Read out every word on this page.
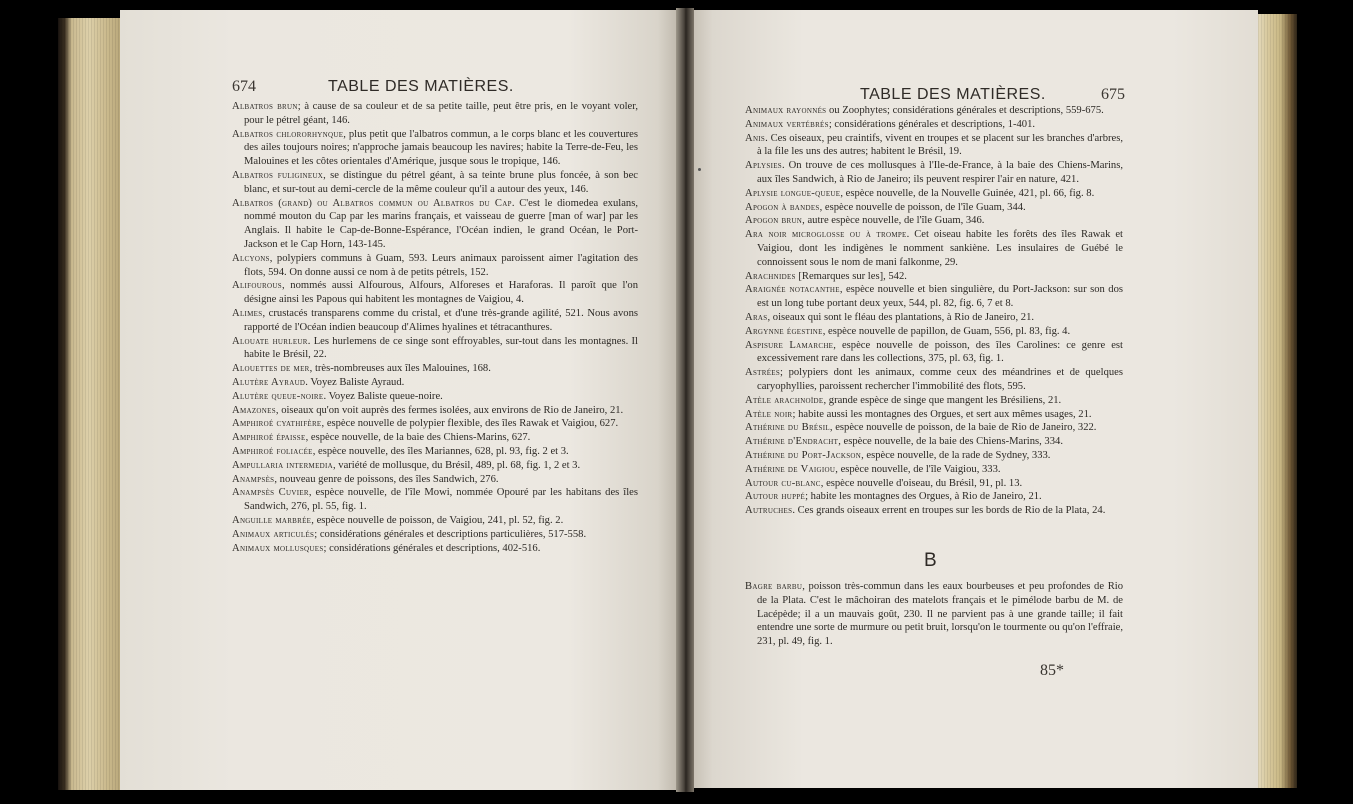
674	TABLE DES MATIÈRES.

Albatros brun; à cause de sa couleur et de sa petite taille, peut être pris, en le voyant voler, pour le pétrel géant, 146.

Albatros chlororhynque, plus petit que l'albatros commun, a le corps blanc et les couvertures des ailes toujours noires; n'approche jamais beaucoup les navires; habite la Terre-de-Feu, les Malouines et les côtes orientales d'Amérique, jusque sous le tropique, 146.

Albatros fuligineux, se distingue du pétrel géant, à sa teinte brune plus foncée, à son bec blanc, et sur-tout au demi-cercle de la même couleur qu'il a autour des yeux, 146.

Albatros (grand) ou Albatros commun ou Albatros du Cap. C'est le diomedea exulans, nommé mouton du Cap par les marins français, et vaisseau de guerre [man of war] par les Anglais. Il habite le Cap-de-Bonne-Espérance, l'Océan indien, le grand Océan, le Port-Jackson et le Cap Horn, 143-145.

Alcyons, polypiers communs à Guam, 593. Leurs animaux paroissent aimer l'agitation des flots, 594. On donne aussi ce nom à de petits pétrels, 152.

Alifourous, nommés aussi Alfourous, Alfours, Alforeses et Haraforas. Il paroît que l'on désigne ainsi les Papous qui habitent les montagnes de Vaigiou, 4.

Alimes, crustacés transparens comme du cristal, et d'une très-grande agilité, 521. Nous avons rapporté de l'Océan indien beaucoup d'Alimes hyalines et tétracanthures.

Alouate hurleur. Les hurlemens de ce singe sont effroyables, sur-tout dans les montagnes. Il habite le Brésil, 22.

Alouettes de mer, très-nombreuses aux îles Malouines, 168.

Alutère Ayraud. Voyez Baliste Ayraud.

Alutère queue-noire. Voyez Baliste queue-noire.

Amazones, oiseaux qu'on voit auprès des fermes isolées, aux environs de Rio de Janeiro, 21.

Amphiroé cyathifère, espèce nouvelle de polypier flexible, des îles Rawak et Vaigiou, 627.

Amphiroé épaisse, espèce nouvelle, de la baie des Chiens-Marins, 627.

Amphiroé foliacée, espèce nouvelle, des îles Mariannes, 628, pl. 93, fig. 2 et 3.

Ampullaria intermedia, variété de mollusque, du Brésil, 489, pl. 68, fig. 1, 2 et 3.

Anampsès, nouveau genre de poissons, des îles Sandwich, 276.

Anampsès Cuvier, espèce nouvelle, de l'île Mowi, nommée Opouré par les habitans des îles Sandwich, 276, pl. 55, fig. 1.

Anguille marbrée, espèce nouvelle de poisson, de Vaigiou, 241, pl. 52, fig. 2.

Animaux articulés; considérations générales et descriptions particulières, 517-558.

Animaux mollusques; considérations générales et descriptions, 402-516.

TABLE DES MATIÈRES.	675

Animaux rayonnés ou Zoophytes; considérations générales et descriptions, 559-675.

Animaux vertébrés; considérations générales et descriptions, 1-401.

Anis. Ces oiseaux, peu craintifs, vivent en troupes et se placent sur les branches d'arbres, à la file les uns des autres; habitent le Brésil, 19.

Aplysies. On trouve de ces mollusques à l'Ile-de-France, à la baie des Chiens-Marins, aux îles Sandwich, à Rio de Janeiro; ils peuvent respirer l'air en nature, 421.

Aplysie longue-queue, espèce nouvelle, de la Nouvelle Guinée, 421, pl. 66, fig. 8.

Apogon à bandes, espèce nouvelle de poisson, de l'île Guam, 344.

Apogon brun, autre espèce nouvelle, de l'île Guam, 346.

Ara noir microglosse ou à trompe. Cet oiseau habite les forêts des îles Rawak et Vaigiou, dont les indigènes le nomment sankiène. Les insulaires de Guébé le connoissent sous le nom de mani falkonme, 29.

Arachnides [Remarques sur les], 542.

Araignée notacanthe, espèce nouvelle et bien singulière, du Port-Jackson: sur son dos est un long tube portant deux yeux, 544, pl. 82, fig. 6, 7 et 8.

Aras, oiseaux qui sont le fléau des plantations, à Rio de Janeiro, 21.

Argynne égestine, espèce nouvelle de papillon, de Guam, 556, pl. 83, fig. 4.

Aspisure Lamarche, espèce nouvelle de poisson, des îles Carolines: ce genre est excessivement rare dans les collections, 375, pl. 63, fig. 1.

Astrées; polypiers dont les animaux, comme ceux des méandrines et de quelques caryophyllies, paroissent rechercher l'immobilité des flots, 595.

Atèle arachnoïde, grande espèce de singe que mangent les Brésiliens, 21.

Atèle noir; habite aussi les montagnes des Orgues, et sert aux mêmes usages, 21.

Athérine du Brésil, espèce nouvelle de poisson, de la baie de Rio de Janeiro, 322.

Athérine d'Endracht, espèce nouvelle, de la baie des Chiens-Marins, 334.

Athérine du Port-Jackson, espèce nouvelle, de la rade de Sydney, 333.

Athérine de Vaigiou, espèce nouvelle, de l'île Vaigiou, 333.

Autour cu-blanc, espèce nouvelle d'oiseau, du Brésil, 91, pl. 13.

Autour huppé; habite les montagnes des Orgues, à Rio de Janeiro, 21.

Autruches. Ces grands oiseaux errent en troupes sur les bords de Rio de la Plata, 24.

B

Bagre barbu, poisson très-commun dans les eaux bourbeuses et peu profondes de Rio de la Plata. C'est le mâchoiran des matelots français et le pimélode barbu de M. de Lacépède; il a un mauvais goût, 230. Il ne parvient pas à une grande taille; il fait entendre une sorte de murmure ou petit bruit, lorsqu'on le tourmente ou qu'on l'effraie, 231, pl. 49, fig. 1.

85*
